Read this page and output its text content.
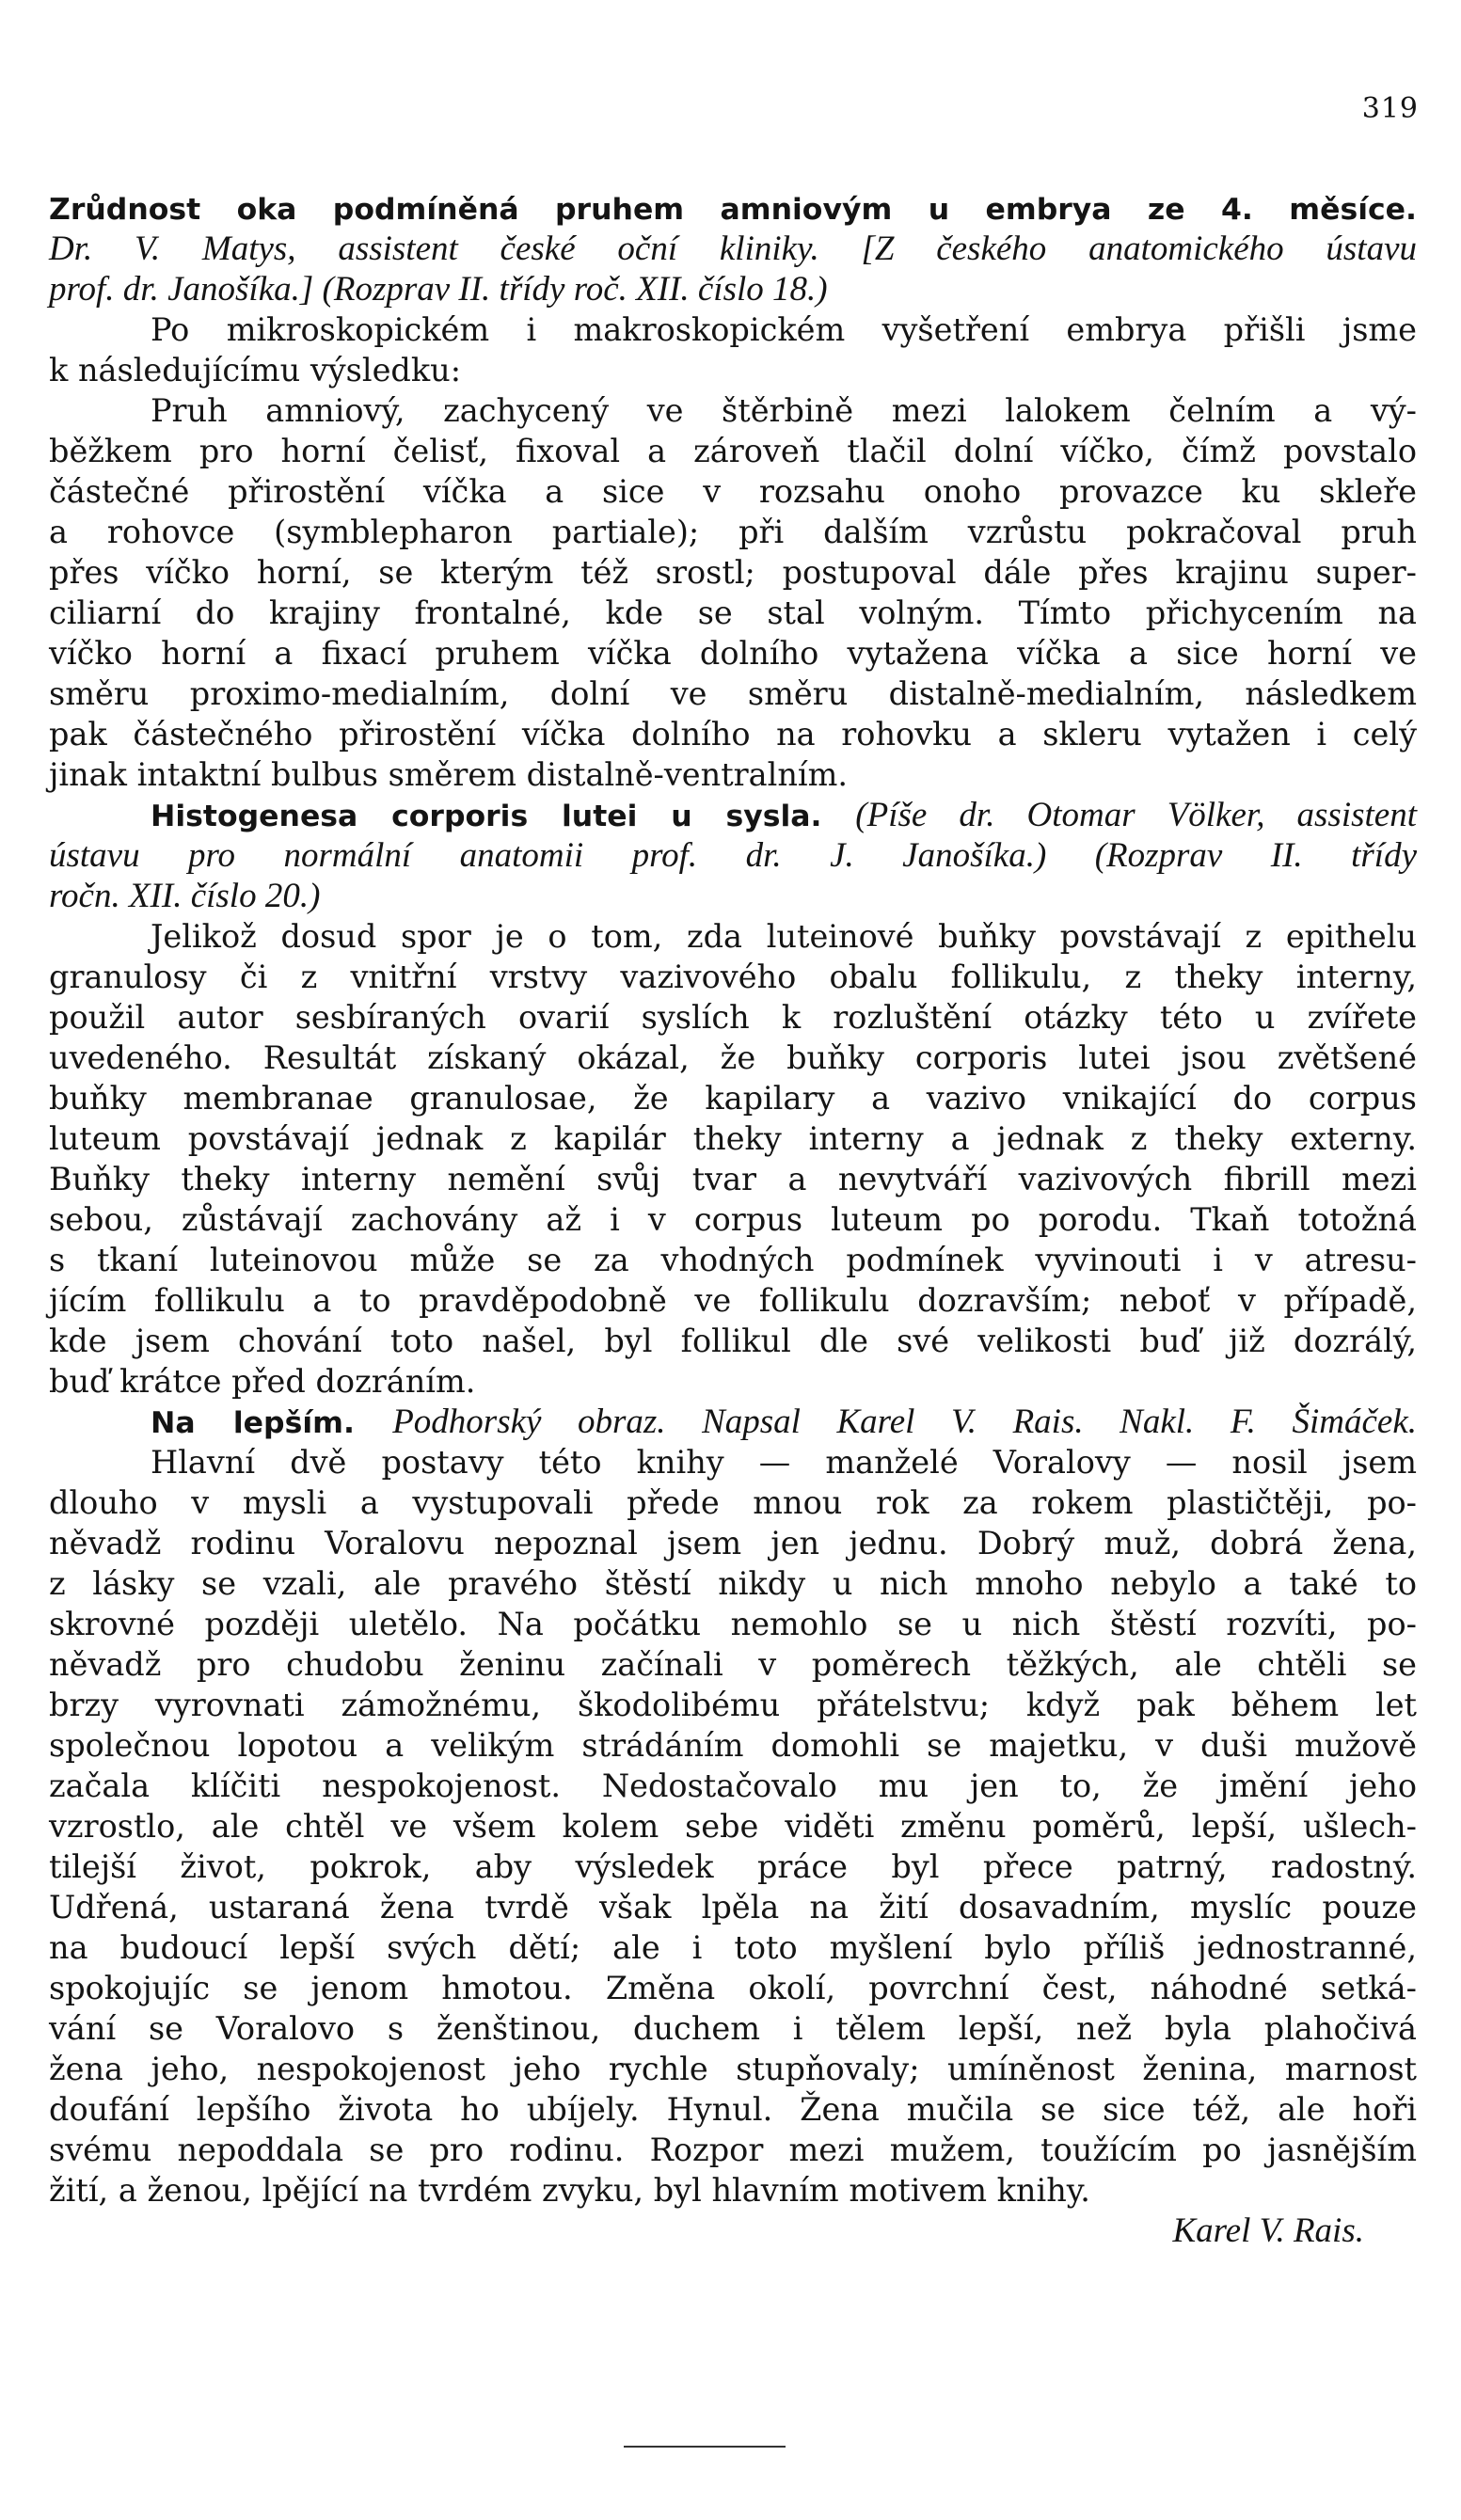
319
Zrůdnost oka podmíněná pruhem amniovým u embrya ze 4. měsíce.
Dr. V. Matys, assistent české oční kliniky. [Z českého anatomického ústavu
prof. dr. Janošíka.] (Rozprav II. třídy roč. XII. číslo 18.)
Po mikroskopickém i makroskopickém vyšetření embrya přišli jsme
k následujícímu výsledku:
Pruh amniový, zachycený ve štěrbině mezi lalokem čelním a vý-
běžkem pro horní čelisť, fixoval a zároveň tlačil dolní víčko, čímž povstalo
částečné přirostění víčka a sice v rozsahu onoho provazce ku skleře
a rohovce (symblepharon partiale); při dalším vzrůstu pokračoval pruh
přes víčko horní, se kterým též srostl; postupoval dále přes krajinu super-
ciliarní do krajiny frontalné, kde se stal volným. Tímto přichycením na
víčko horní a fixací pruhem víčka dolního vytažena víčka a sice horní ve
směru proximo-medialním, dolní ve směru distalně-medialním, následkem
pak částečného přirostění víčka dolního na rohovku a skleru vytažen i celý
jinak intaktní bulbus směrem distalně-ventralním.
Histogenesa corporis lutei u sysla. (Píše dr. Otomar Völker, assistent
ústavu pro normální anatomii prof. dr. J. Janošíka.) (Rozprav II. třídy
ročn. XII. číslo 20.)
Jelikož dosud spor je o tom, zda luteinové buňky povstávají z epithelu
granulosy či z vnitřní vrstvy vazivového obalu follikulu, z theky interny,
použil autor sesbíraných ovarií syslích k rozluštění otázky této u zvířete
uvedeného. Resultát získaný okázal, že buňky corporis lutei jsou zvětšené
buňky membranae granulosae, že kapilary a vazivo vnikající do corpus
luteum povstávají jednak z kapilár theky interny a jednak z theky externy.
Buňky theky interny nemění svůj tvar a nevytváří vazivových fibrill mezi
sebou, zůstávají zachovány až i v corpus luteum po porodu. Tkaň totožná
s tkaní luteinovou může se za vhodných podmínek vyvinouti i v atresu-
jícím follikulu a to pravděpodobně ve follikulu dozravším; neboť v případě,
kde jsem chování toto našel, byl follikul dle své velikosti buď již dozrálý,
buď krátce před dozráním.
Na lepším. Podhorský obraz. Napsal Karel V. Rais. Nakl. F. Šimáček.
Hlavní dvě postavy této knihy — manželé Voralovy — nosil jsem
dlouho v mysli a vystupovali přede mnou rok za rokem plastičtěji, po-
něvadž rodinu Voralovu nepoznal jsem jen jednu. Dobrý muž, dobrá žena,
z lásky se vzali, ale pravého štěstí nikdy u nich mnoho nebylo a také to
skrovné později uletělo. Na počátku nemohlo se u nich štěstí rozvíti, po-
něvadž pro chudobu ženinu začínali v poměrech těžkých, ale chtěli se
brzy vyrovnati zámožnému, škodolibému přátelstvu; když pak během let
společnou lopotou a velikým strádáním domohli se majetku, v duši mužově
začala klíčiti nespokojenost. Nedostačovalo mu jen to, že jmění jeho
vzrostlo, ale chtěl ve všem kolem sebe viděti změnu poměrů, lepší, ušlech-
tilejší život, pokrok, aby výsledek práce byl přece patrný, radostný.
Udřená, ustaraná žena tvrdě však lpěla na žití dosavadním, myslíc pouze
na budoucí lepší svých dětí; ale i toto myšlení bylo příliš jednostranné,
spokojujíc se jenom hmotou. Změna okolí, povrchní čest, náhodné setká-
vání se Voralovo s ženštinou, duchem i tělem lepší, než byla plahočivá
žena jeho, nespokojenost jeho rychle stupňovaly; umíněnost ženina, marnost
doufání lepšího života ho ubíjely. Hynul. Žena mučila se sice též, ale hoři
svému nepoddala se pro rodinu. Rozpor mezi mužem, toužícím po jasnějším
žití, a ženou, lpějící na tvrdém zvyku, byl hlavním motivem knihy.
Karel V. Rais.
